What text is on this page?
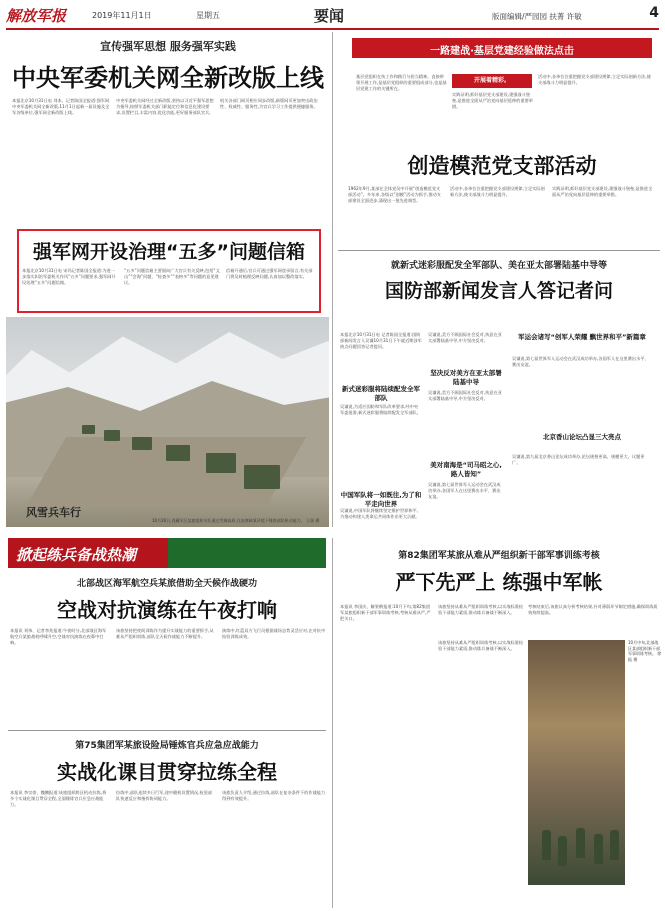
解放军报	2019年11月1日	星期五	要闻	版面编辑/严园园 扶菁 许敏	4
宣传强军思想 服务强军实践
中央军委机关网全新改版上线
本报北京10月31日电 刘本、记者陈国全报道:强军网中央军委机关网全新改版,11月1日起新一届设施及全军各级单位,强军网全新改版上线。
中央军委机关网经过全新改版,坚持以习近平强军思想为指导,按照军委机关部门职能定位和信息化建设要求,设置栏目,丰富内容,优化功能,更好服务部队官兵。
机关各部门网页相应同步改版,新版网页更加突出政治性、权威性、服务性,为官兵学习工作提供便捷服务。
强军网开设治理“五多”问题信箱
本报北京10月31日电 宋玛记者陈国全报道:为进一步落实纠治军委机关作风“五多”问题要求,强军网开设治理“五多”问题信箱。
“五多”问题信箱主要面向广大官兵有关反映,包括“文山”“会海”问题、“检查多”“表格多”等问题的意见建议。
信箱开通后,官兵可通过强军网登录留言,有关部门将及时梳理反映问题,认真加以整改落实。
风雪兵车行
10月26日,西藏军区某旅组织车队通过雪域高原,在高寒缺氧环境下锤炼部队机动能力。 王晟 摄
一路建战·基层党建经验做法点击
基层党组织在执工作和践行与担当精神。直接带领开展工作,是基层党组织的重要组成部分,也是基层党建工作的关键所在。
开展着精彩。
实践证明,抓好基层党支部建设,建强战斗堡垒,是推进全面从严治党向基层延伸的重要举措。
活动中,各单位注重把握党支部建设规律,立足实际创新方法,使支部战斗力明显提升。
创造模范党支部活动
1962年9月,某部在全体党员中开展“创造模范党支部活动”。多年来,各级以“创模”活动为抓手,推动支部建设全面进步,涌现出一批先进典型。
活动中,各单位注重把握党支部建设规律,立足实际创新方法,使支部战斗力明显提升。
实践证明,抓好基层党支部建设,建强战斗堡垒,是推进全面从严治党向基层延伸的重要举措。
就新式迷彩服配发全军部队、美在亚太部署陆基中导等
国防部新闻发言人答记者问
本报北京10月31日电 记者陈国全报道:国防部新闻发言人吴谦10月31日下午就近期涉军热点问题回答记者提问。
新式迷彩服将陆续配发全军部队
吴谦说,为适应国防和军队改革要求,经中央军委批准,新式迷彩服将陆续配发全军部队。
中国军队将一如既往,为了和平走向世界
吴谦说,中国军队将继续坚定维护世界和平,为推动构建人类命运共同体作出更大贡献。
吴谦说,美方不顾国际社会反对,执意在亚太部署陆基中导,中方坚决反对。
坚决反对美方在亚太部署陆基中导
吴谦说,美方不顾国际社会反对,执意在亚太部署陆基中导,中方坚决反对。
美对南海是“司马昭之心,路人皆知”
吴谦说,第七届世界军人运动会在武汉成功举办,各国军人在这里赛出水平、赛出友谊。
军运会诸写“创军人荣耀 飘世界和平”新篇章
吴谦说,第七届世界军人运动会在武汉成功举办,各国军人在这里赛出水平、赛出友谊。
北京香山论坛凸显三大亮点
吴谦说,第九届北京香山论坛成功举办,论坛规格更高、规模更大、议题更广。
掀起练兵备战热潮
北部战区海军航空兵某旅借助全天候作战硬功
空战对抗演练在午夜打响
本报讯 刘伟、记者李兆报道:午夜时分,北部战区海军航空兵某旅战机呼啸升空,空战对抗演练在夜幕中打响。
该旅坚持把夜间训练作为提升实战能力的重要抓手,从难从严组织训练,部队全天候作战能力不断提升。
演练中,红蓝双方飞行员根据战场态势灵活应对,在对抗中检验训练成效。
第75集团军某旅设险局锤炼官兵应急应战能力
实战化课目贯穿拉练全程
本报讯 李宗豪、魏鹏报道:该旅组织跨区机动拉练,将多个实战化课目贯穿全程,全面锤炼官兵应急应战能力。
拉练中,部队连续多日行军,途中随机设置情况,检验部队快速反应和指挥协同能力。
该旅负责人介绍,通过拉练,部队在复杂条件下的作战能力得到有效提升。
第82集团军某旅从难从严组织新干部军事训练考核
严下先严上 练强中军帐
本报讯 李国庆、解景鹤报道:10月下旬,第82集团军某旅组织新干部军事训练考核,考核从难从严,严把关口。
该旅坚持从难从严组织训练考核,以实战标准检验干部能力素质,推动练兵备战不断深入。
该旅坚持从难从严组织训练考核,以实战标准检验干部能力素质,推动练兵备战不断深入。
考核结束后,该旅认真分析考核结果,针对薄弱环节制定措施,确保训练质效持续提高。
10月中旬,北部战区某部组织新干部军事训练考核。 徐振 摄
